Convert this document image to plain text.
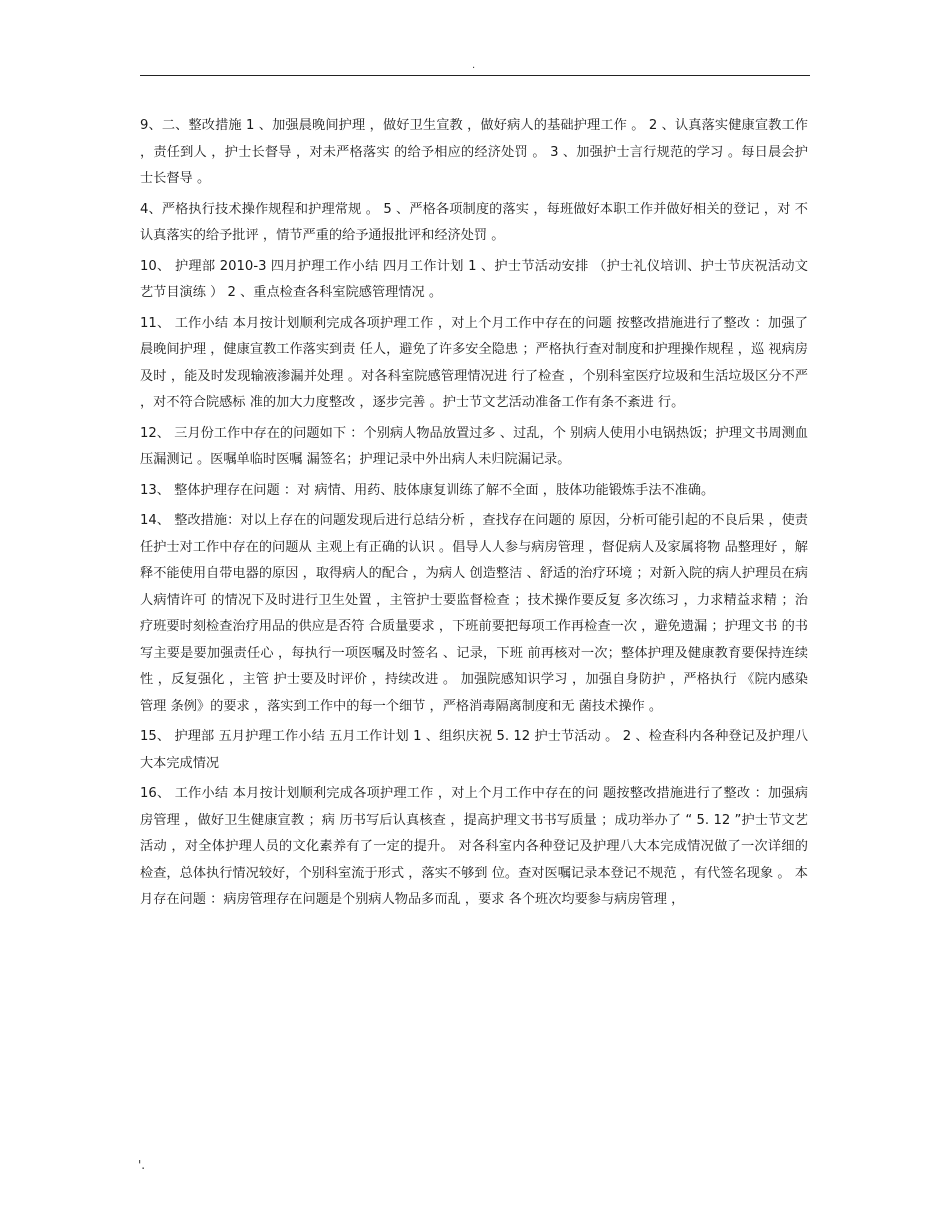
.

9、二、整改措施 1 、加强晨晚间护理 ，做好卫生宣教 ，做好病人的基础护理工作 。 2 、认真落实健康宣教工作 ，责任到人 ，护士长督导 ，对未严格落实 的给予相应的经济处罚 。 3 、加强护士言行规范的学习 。每日晨会护士长督导 。

4、严格执行技术操作规程和护理常规 。 5 、严格各项制度的落实 ，每班做好本职工作并做好相关的登记 ，对 不认真落实的给予批评 ，情节严重的给予通报批评和经济处罚 。

10、 护理部 2010-3 四月护理工作小结 四月工作计划 1 、护士节活动安排 （护士礼仪培训、护士节庆祝活动文艺节目演练 ） 2 、重点检查各科室院感管理情况 。

11、 工作小结 本月按计划顺利完成各项护理工作 ，对上个月工作中存在的问题 按整改措施进行了整改 ：加强了晨晚间护理 ，健康宣教工作落实到责 任人，避免了许多安全隐患 ；严格执行查对制度和护理操作规程 ，巡 视病房及时 ，能及时发现输液渗漏并处理 。对各科室院感管理情况进 行了检查 ，个别科室医疗垃圾和生活垃圾区分不严 ，对不符合院感标 准的加大力度整改 ，逐步完善 。护士节文艺活动准备工作有条不紊进 行。

12、 三月份工作中存在的问题如下 ：个别病人物品放置过多 、过乱，个 别病人使用小电锅热饭；护理文书周测血压漏测记 。医嘱单临时医嘱 漏签名；护理记录中外出病人未归院漏记录。

13、 整体护理存在问题 ：对 病情、用药、肢体康复训练了解不全面 ，肢体功能锻炼手法不准确。

14、 整改措施：对以上存在的问题发现后进行总结分析 ，查找存在问题的 原因，分析可能引起的不良后果 ，使责任护士对工作中存在的问题从 主观上有正确的认识 。倡导人人参与病房管理 ，督促病人及家属将物 品整理好 ，解释不能使用自带电器的原因 ，取得病人的配合 ，为病人 创造整洁 、舒适的治疗环境 ；对新入院的病人护理员在病人病情许可 的情况下及时进行卫生处置 ，主管护士要监督检查 ；技术操作要反复 多次练习 ，力求精益求精 ；治疗班要时刻检查治疗用品的供应是否符 合质量要求 ，下班前要把每项工作再检查一次 ，避免遗漏 ；护理文书 的书写主要是要加强责任心 ，每执行一项医嘱及时签名 、记录，下班 前再核对一次；整体护理及健康教育要保持连续性 ，反复强化 ，主管 护士要及时评价 ，持续改进 。 加强院感知识学习 ，加强自身防护 ，严格执行 《院内感染管理 条例》的要求 ，落实到工作中的每一个细节 ，严格消毒隔离制度和无 菌技术操作 。

15、 护理部 五月护理工作小结 五月工作计划 1 、组织庆祝 5. 12 护士节活动 。 2 、检查科内各种登记及护理八大本完成情况

16、 工作小结 本月按计划顺利完成各项护理工作 ，对上个月工作中存在的问 题按整改措施进行了整改 ：加强病房管理 ，做好卫生健康宣教 ；病 历书写后认真核查 ，提高护理文书书写质量 ；成功举办了 “ 5. 12 ”护士节文艺活动 ，对全体护理人员的文化素养有了一定的提升。 对各科室内各种登记及护理八大本完成情况做了一次详细的 检查，总体执行情况较好，个别科室流于形式 ，落实不够到 位。查对医嘱记录本登记不规范 ，有代签名现象 。 本月存在问题 ：病房管理存在问题是个别病人物品多而乱 ，要求 各个班次均要参与病房管理 ，

'.
